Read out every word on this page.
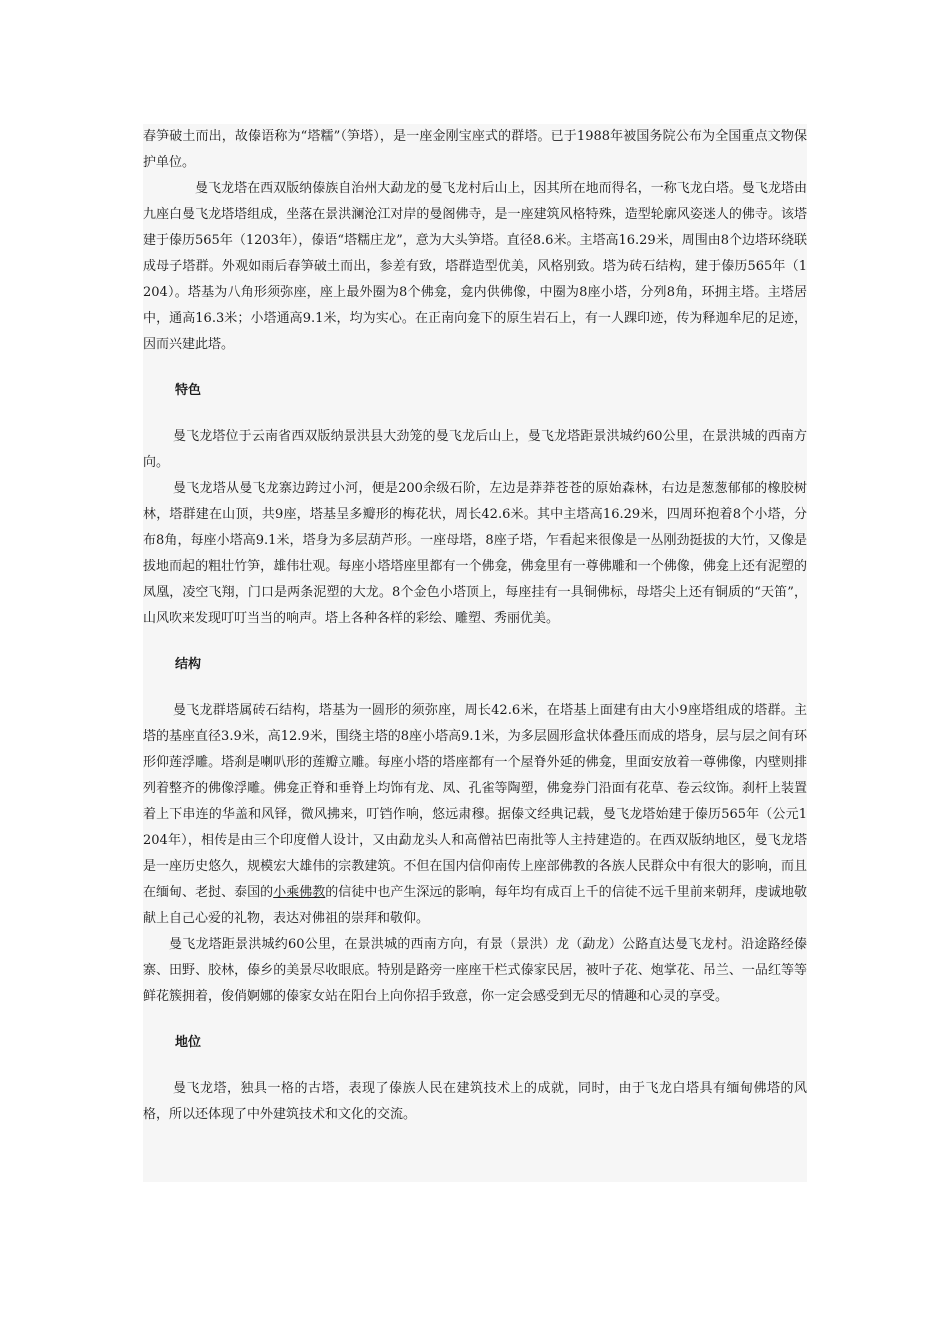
春笋破土而出，故傣语称为“塔糯”（笋塔），是一座金刚宝座式的群塔。已于1988年被国务院公布为全国重点文物保护单位。

曼飞龙塔在西双版纳傣族自治州大勐龙的曼飞龙村后山上，因其所在地而得名，一称飞龙白塔。曼飞龙塔由九座白曼飞龙塔塔组成，坐落在景洪澜沧江对岸的曼阁佛寺，是一座建筑风格特殊，造型轮廓风姿迷人的佛寺。该塔建于傣历565年（1203年），傣语“塔糯庄龙”，意为大头笋塔。直径8.6米。主塔高16.29米，周围由8个边塔环绕联成母子塔群。外观如雨后春笋破土而出，参差有致，塔群造型优美，风格别致。塔为砖石结构，建于傣历565年（1204）。塔基为八角形须弥座，座上最外圈为8个佛龛，龛内供佛像，中圈为8座小塔，分列8角，环拥主塔。主塔居中，通高16.3米；小塔通高9.1米，均为实心。在正南向龛下的原生岩石上，有一人踝印迹，传为释迦牟尼的足迹，因而兴建此塔。

特色

曼飞龙塔位于云南省西双版纳景洪县大劲笼的曼飞龙后山上，曼飞龙塔距景洪城约60公里，在景洪城的西南方向。

曼飞龙塔从曼飞龙寨边跨过小河，便是200余级石阶，左边是莽莽苍苍的原始森林，右边是葱葱郁郁的橡胶树林，塔群建在山顶，共9座，塔基呈多瓣形的梅花状，周长42.6米。其中主塔高16.29米，四周环抱着8个小塔，分布8角，每座小塔高9.1米，塔身为多层葫芦形。一座母塔，8座子塔，乍看起来很像是一丛刚劲挺拔的大竹，又像是拔地而起的粗壮竹笋，雄伟壮观。每座小塔塔座里都有一个佛龛，佛龛里有一尊佛雕和一个佛像，佛龛上还有泥塑的凤凰，凌空飞翔，门口是两条泥塑的大龙。8个金色小塔顶上，每座挂有一具铜佛标，母塔尖上还有铜质的“天笛”，山风吹来发现叮叮当当的响声。塔上各种各样的彩绘、雕塑、秀丽优美。

结构

曼飞龙群塔属砖石结构，塔基为一圆形的须弥座，周长42.6米，在塔基上面建有由大小9座塔组成的塔群。主塔的基座直径3.9米，高12.9米，围绕主塔的8座小塔高9.1米，为多层圆形盒状体叠压而成的塔身，层与层之间有环形仰莲浮雕。塔刹是喇叭形的莲瓣立雕。每座小塔的塔座都有一个屋脊外延的佛龛，里面安放着一尊佛像，内壁则排列着整齐的佛像浮雕。佛龛正脊和垂脊上均饰有龙、凤、孔雀等陶塑，佛龛券门沿面有花草、卷云纹饰。刹杆上装置着上下串连的华盖和风铎，微风拂来，叮铛作响，悠远肃穆。据傣文经典记载，曼飞龙塔始建于傣历565年（公元1204年），相传是由三个印度僧人设计，又由勐龙头人和高僧祜巴南批等人主持建造的。在西双版纳地区，曼飞龙塔是一座历史悠久，规模宏大雄伟的宗教建筑。不但在国内信仰南传上座部佛教的各族人民群众中有很大的影响，而且在缅甸、老挝、泰国的小乘佛教的信徒中也产生深远的影响，每年均有成百上千的信徒不远千里前来朝拜，虔诚地敬献上自己心爱的礼物，表达对佛祖的崇拜和敬仰。

曼飞龙塔距景洪城约60公里，在景洪城的西南方向，有景（景洪）龙（勐龙）公路直达曼飞龙村。沿途路经傣寨、田野、胶林，傣乡的美景尽收眼底。特别是路旁一座座干栏式傣家民居，被叶子花、炮掌花、吊兰、一品红等等鲜花簇拥着，俊俏婀娜的傣家女站在阳台上向你招手致意，你一定会感受到无尽的情趣和心灵的享受。

地位

曼飞龙塔，独具一格的古塔，表现了傣族人民在建筑技术上的成就，同时，由于飞龙白塔具有缅甸佛塔的风格，所以还体现了中外建筑技术和文化的交流。
